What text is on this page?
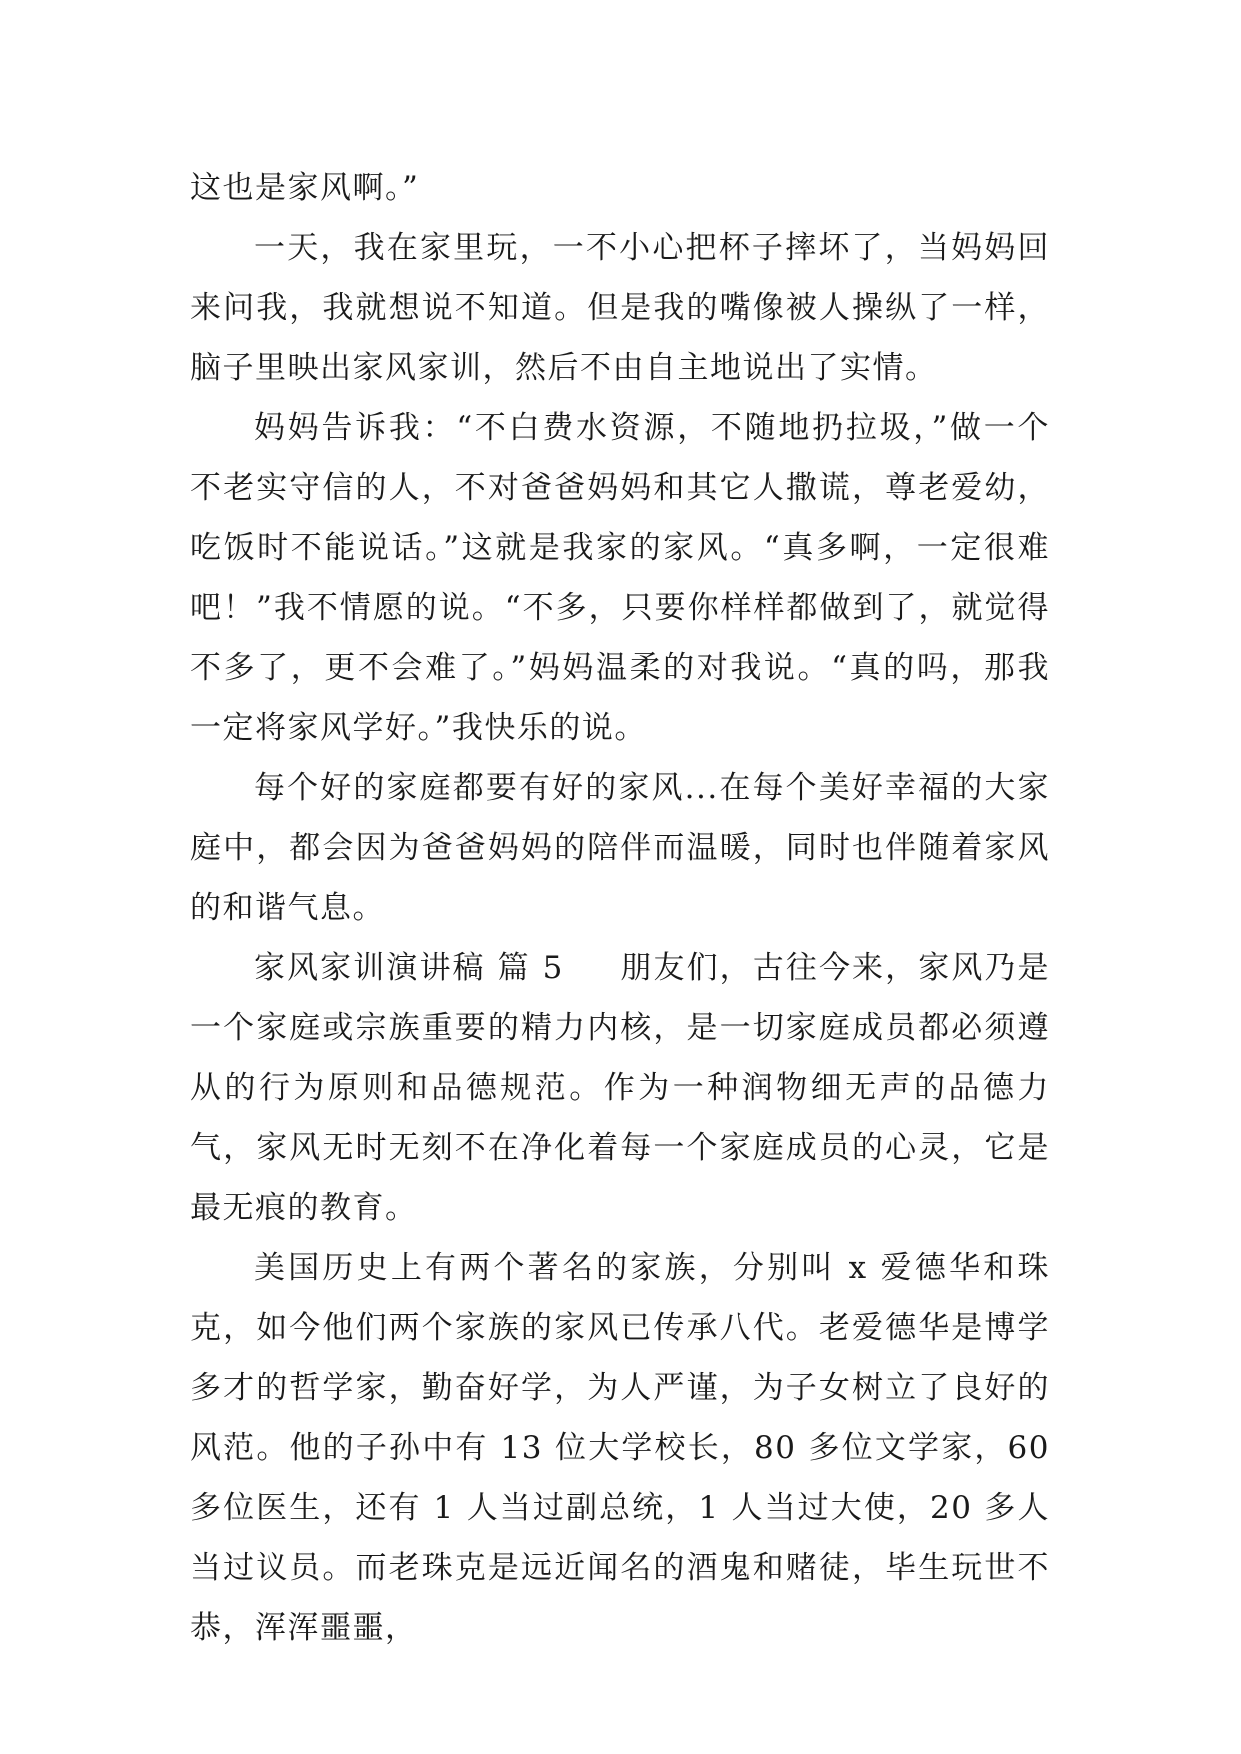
这也是家风啊。”

一天，我在家里玩，一不小心把杯子摔坏了，当妈妈回来问我，我就想说不知道。但是我的嘴像被人操纵了一样，脑子里映出家风家训，然后不由自主地说出了实情。

妈妈告诉我：“不白费水资源，不随地扔拉圾，”做一个不老实守信的人，不对爸爸妈妈和其它人撒谎，尊老爱幼，吃饭时不能说话。”这就是我家的家风。“真多啊，一定很难吧！”我不情愿的说。“不多，只要你样样都做到了，就觉得不多了，更不会难了。”妈妈温柔的对我说。“真的吗，那我一定将家风学好。”我快乐的说。

每个好的家庭都要有好的家风...在每个美好幸福的大家庭中，都会因为爸爸妈妈的陪伴而温暖，同时也伴随着家风的和谐气息。

家风家训演讲稿 篇 5 朋友们，古往今来，家风乃是一个家庭或宗族重要的精力内核，是一切家庭成员都必须遵从的行为原则和品德规范。作为一种润物细无声的品德力气，家风无时无刻不在净化着每一个家庭成员的心灵，它是最无痕的教育。

美国历史上有两个著名的家族，分别叫 x 爱德华和珠克，如今他们两个家族的家风已传承八代。老爱德华是博学多才的哲学家，勤奋好学，为人严谨，为子女树立了良好的风范。他的子孙中有 13 位大学校长，80 多位文学家，60 多位医生，还有 1 人当过副总统，1 人当过大使，20 多人当过议员。而老珠克是远近闻名的酒鬼和赌徒，毕生玩世不恭，浑浑噩噩，
